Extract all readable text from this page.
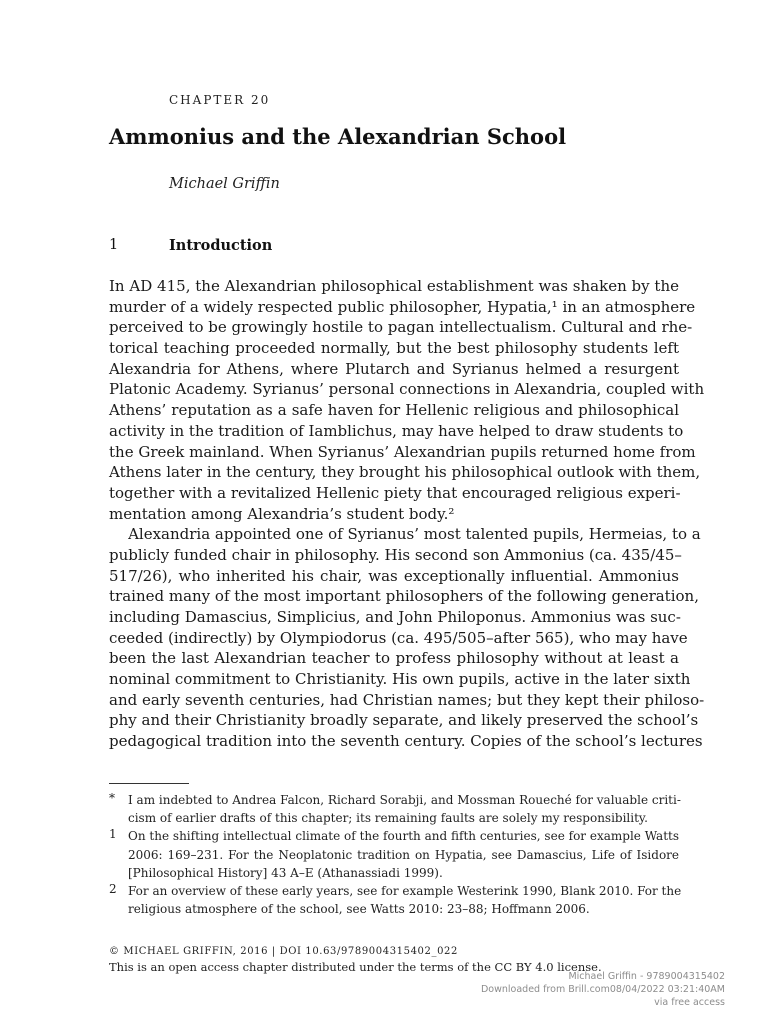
CHAPTER 20
Ammonius and the Alexandrian School
Michael Griffin
1	Introduction
In AD 415, the Alexandrian philosophical establishment was shaken by the
murder of a widely respected public philosopher, Hypatia,¹ in an atmosphere
perceived to be growingly hostile to pagan intellectualism. Cultural and rhe-
torical teaching proceeded normally, but the best philosophy students left
Alexandria for Athens, where Plutarch and Syrianus helmed a resurgent
Platonic Academy. Syrianus’ personal connections in Alexandria, coupled with
Athens’ reputation as a safe haven for Hellenic religious and philosophical
activity in the tradition of Iamblichus, may have helped to draw students to
the Greek mainland. When Syrianus’ Alexandrian pupils returned home from
Athens later in the century, they brought his philosophical outlook with them,
together with a revitalized Hellenic piety that encouraged religious experi-
mentation among Alexandria’s student body.²
Alexandria appointed one of Syrianus’ most talented pupils, Hermeias, to a
publicly funded chair in philosophy. His second son Ammonius (ca. 435/45–
517/26), who inherited his chair, was exceptionally influential. Ammonius
trained many of the most important philosophers of the following generation,
including Damascius, Simplicius, and John Philoponus. Ammonius was suc-
ceeded (indirectly) by Olympiodorus (ca. 495/505–after 565), who may have
been the last Alexandrian teacher to profess philosophy without at least a
nominal commitment to Christianity. His own pupils, active in the later sixth
and early seventh centuries, had Christian names; but they kept their philoso-
phy and their Christianity broadly separate, and likely preserved the school’s
pedagogical tradition into the seventh century. Copies of the school’s lectures
* I am indebted to Andrea Falcon, Richard Sorabji, and Mossman Roueché for valuable criti-
cism of earlier drafts of this chapter; its remaining faults are solely my responsibility.
1 On the shifting intellectual climate of the fourth and fifth centuries, see for example Watts
2006: 169–231. For the Neoplatonic tradition on Hypatia, see Damascius, Life of Isidore
[Philosophical History] 43 A–E (Athanassiadi 1999).
2 For an overview of these early years, see for example Westerink 1990, Blank 2010. For the
religious atmosphere of the school, see Watts 2010: 23–88; Hoffmann 2006.
© MICHAEL GRIFFIN, 2016 | DOI 10.63/9789004315402_022
This is an open access chapter distributed under the terms of the CC BY 4.0 license.
Michael Griffin - 9789004315402
Downloaded from Brill.com08/04/2022 03:21:40AM
via free access
